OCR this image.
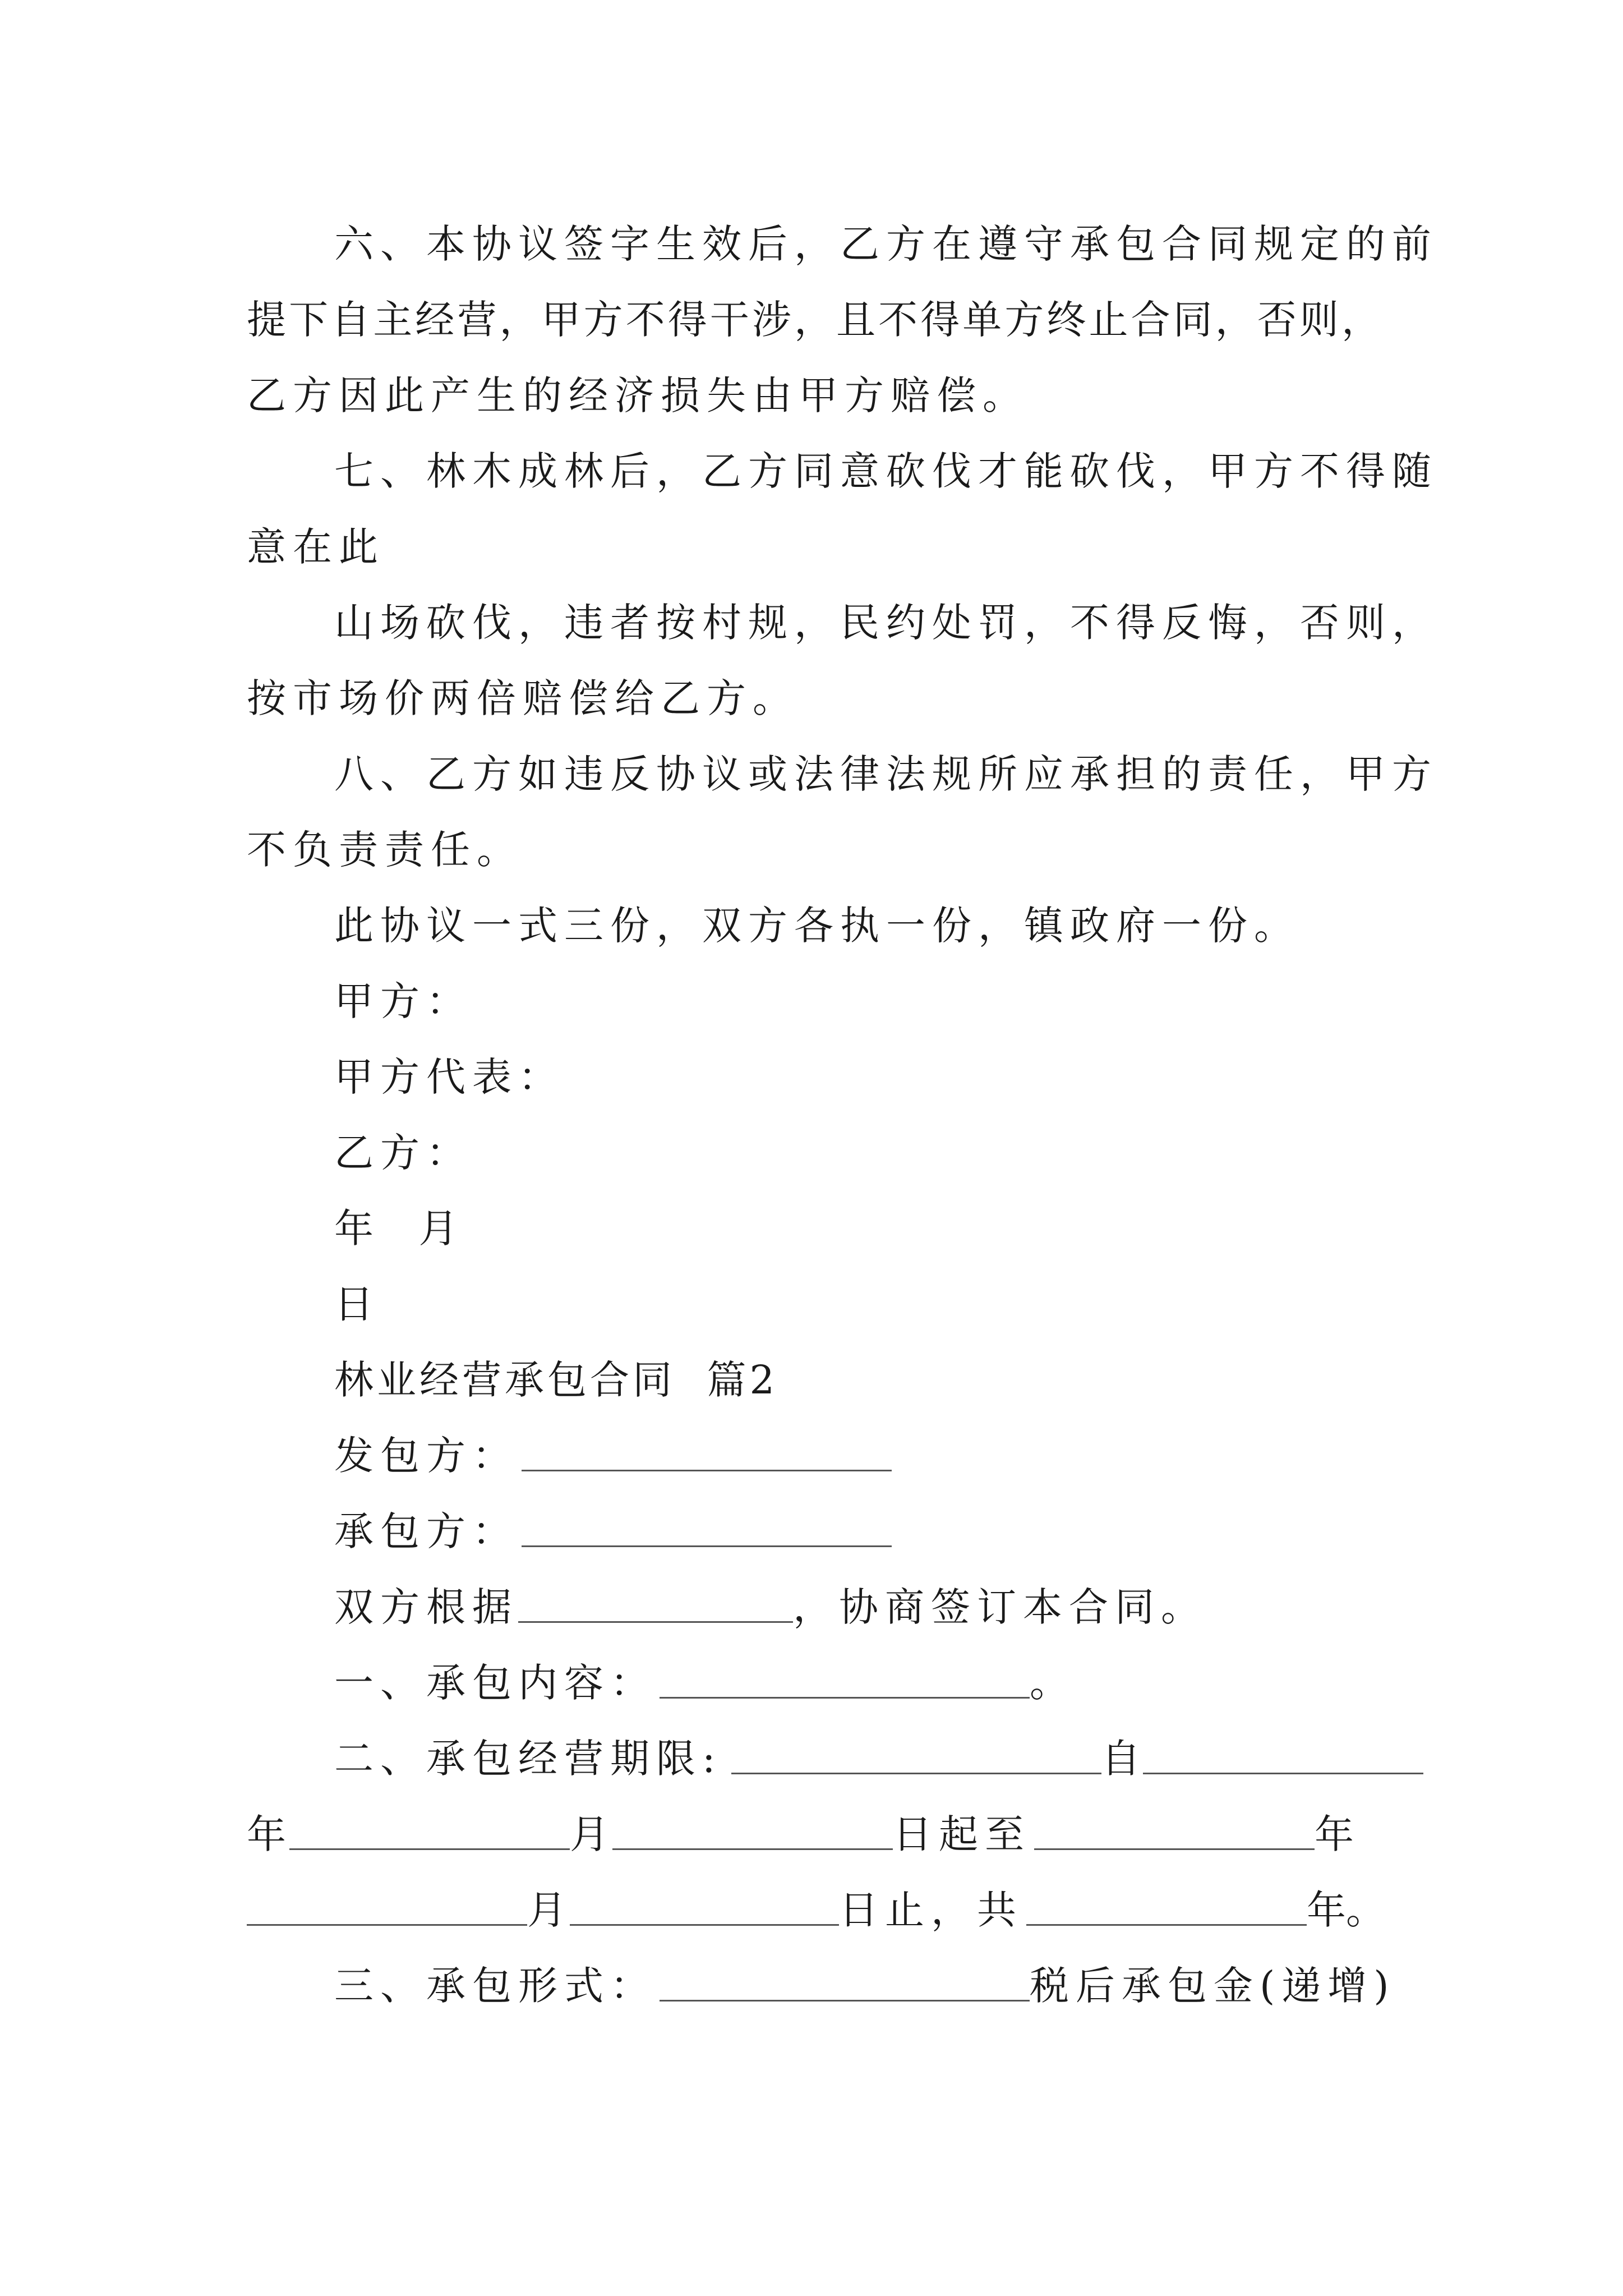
六、本协议签字生效后，乙方在遵守承包合同规定的前
提下自主经营，甲方不得干涉，且不得单方终止合同，否则，
乙方因此产生的经济损失由甲方赔偿。
七、林木成林后，乙方同意砍伐才能砍伐，甲方不得随
意在此
山场砍伐，违者按村规，民约处罚，不得反悔，否则，
按市场价两倍赔偿给乙方。
八、乙方如违反协议或法律法规所应承担的责任，甲方
不负责责任。
此协议一式三份，双方各执一份，镇政府一份。
甲方：
甲方代表：
乙方：
年  月
日
林业经营承包合同  篇2
发包方：
承包方：
双方根据	，协商签订本合同。
一、承包内容：	。
二、承包经营期限:	自
年	月	日起至	年
月	日止，共	年。
三、承包形式：	税后承包金(递增)
